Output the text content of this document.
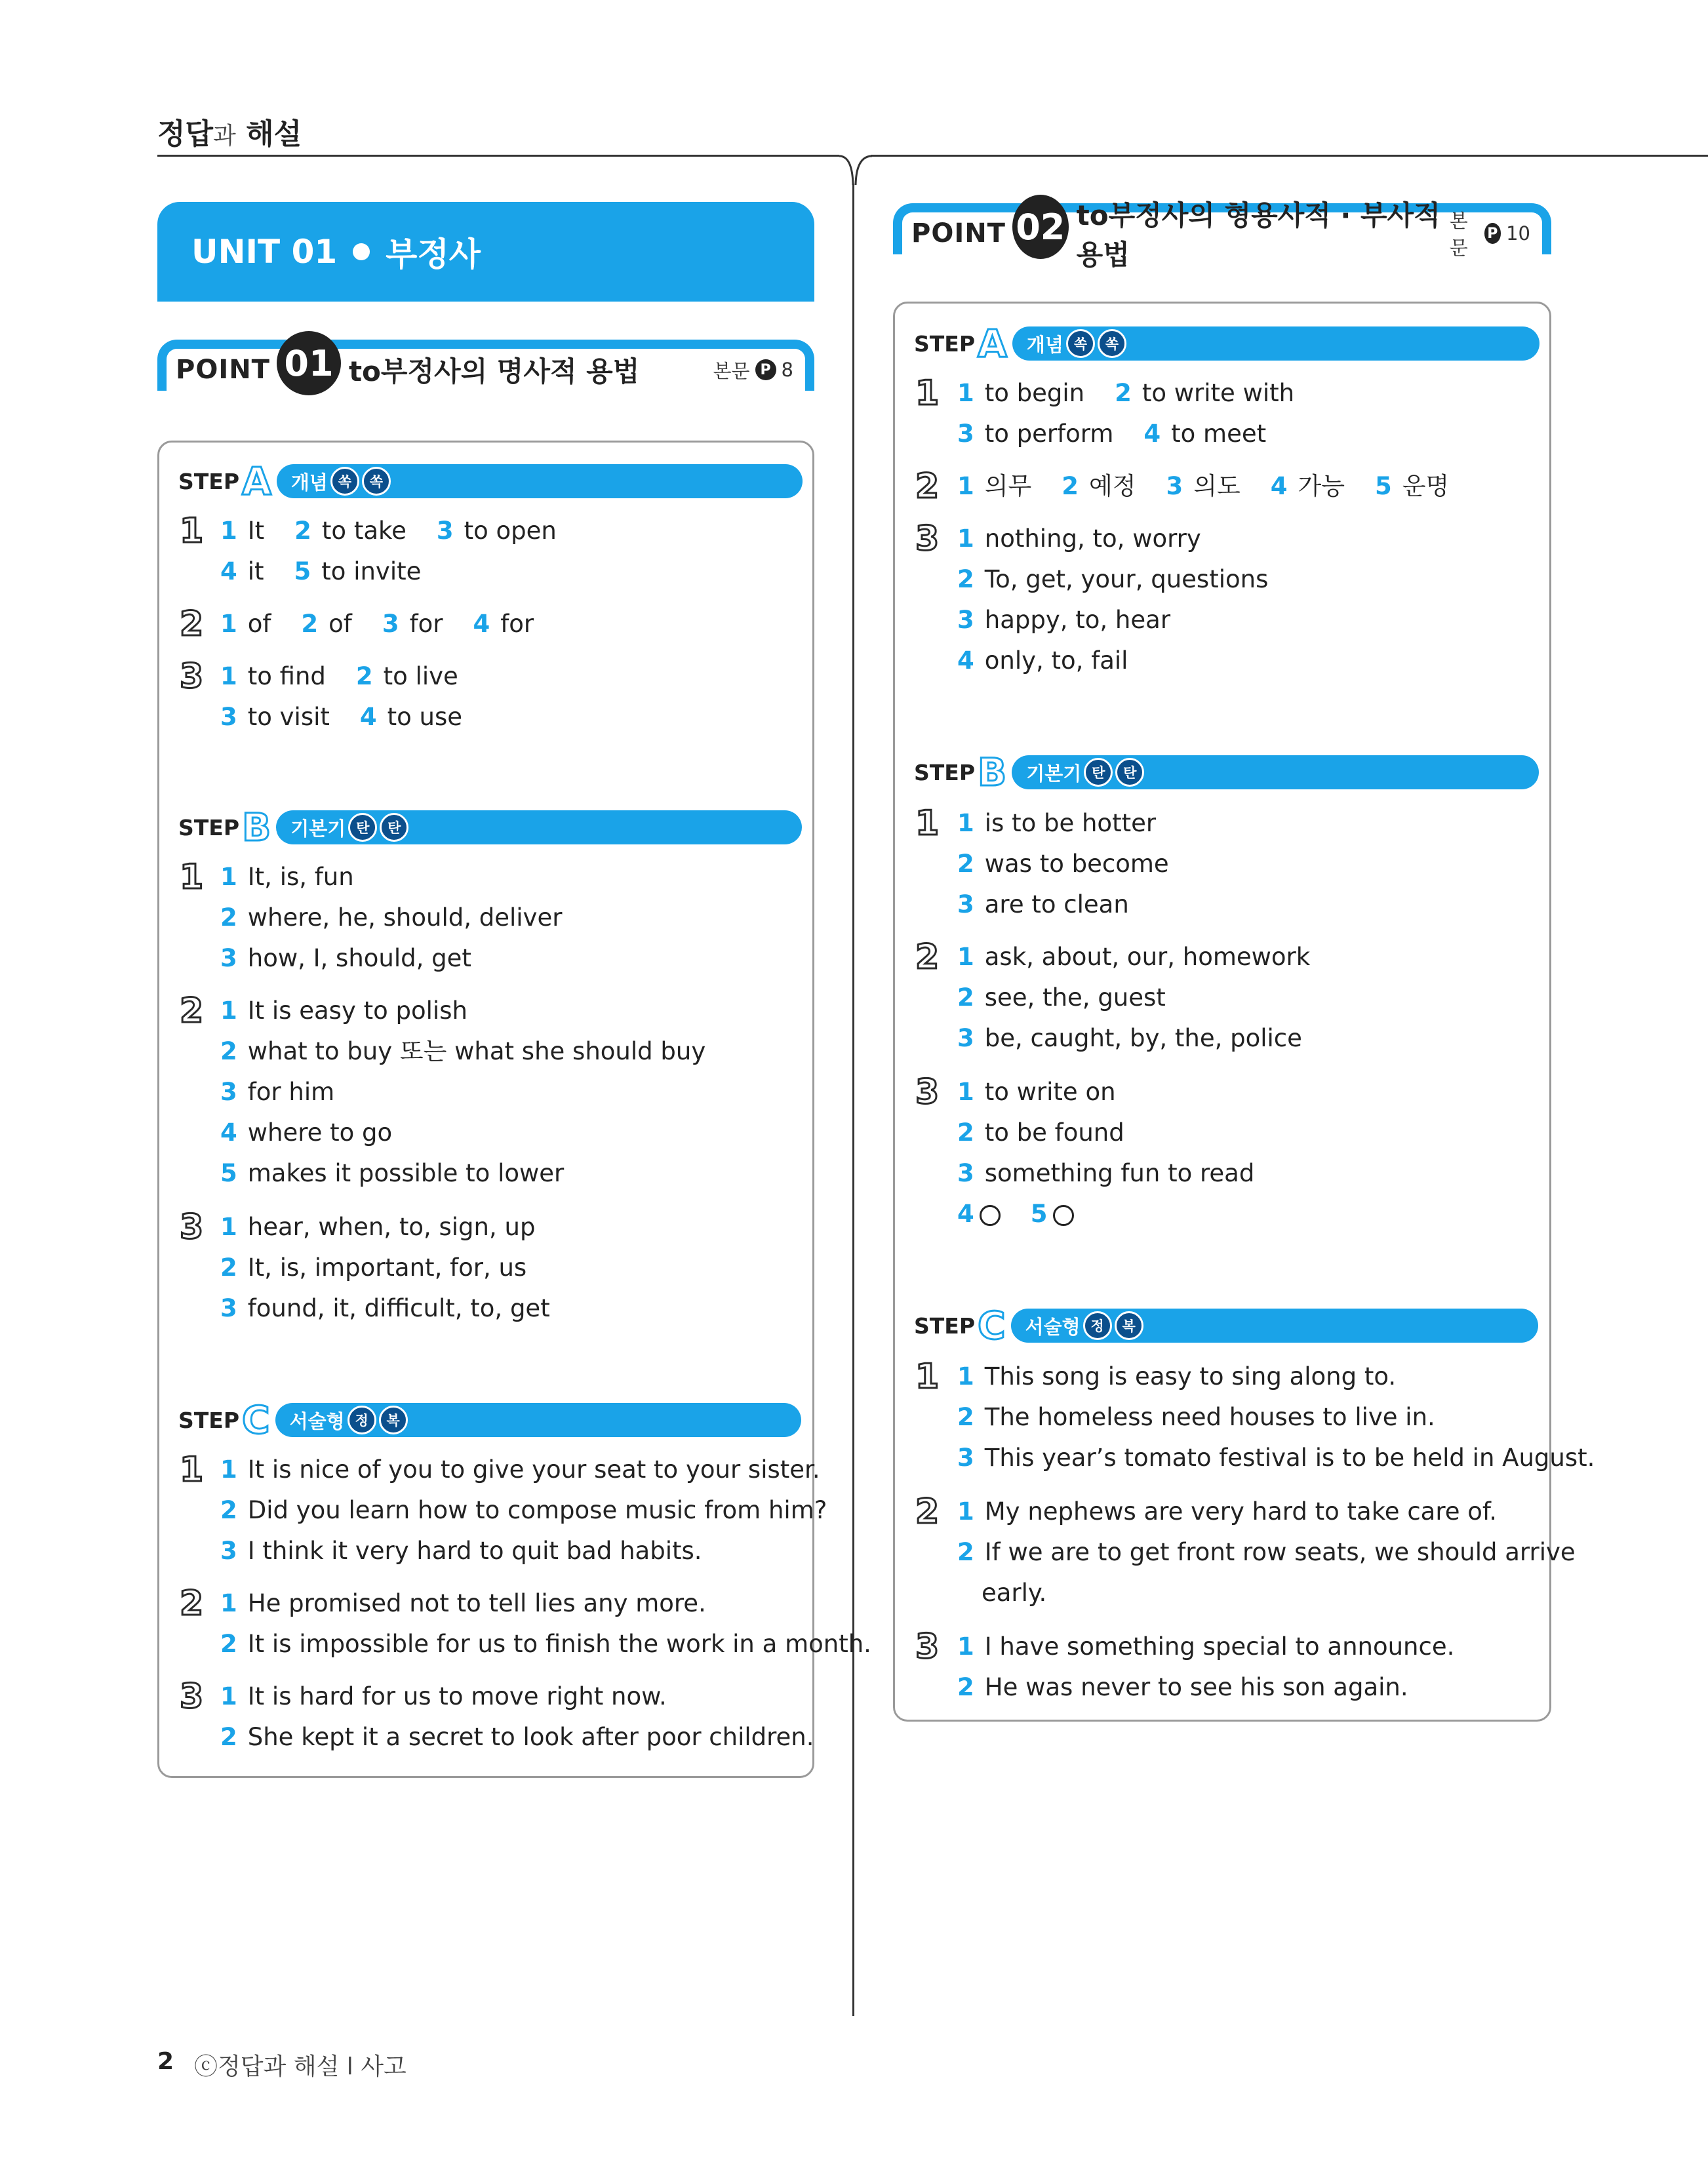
정답과 해설
UNIT 01 부정사
POINT 01 to부정사의 명사적 용법	본문 P 8
STEP A 개념 쏙	쏙
1 1 It 2 to take 3 to open
4 it 5 to invite
2 1 of 2 of 3 for 4 for
3 1 to find 2 to live
3 to visit 4 to use
STEP B 기본기 탄	탄
1 1 It, is, fun
2 where, he, should, deliver
3 how, I, should, get
2 1 It is easy to polish
2 what to buy 또는 what she should buy
3 for him
4 where to go
5 makes it possible to lower
3 1 hear, when, to, sign, up
2 It, is, important, for, us
3 found, it, difficult, to, get
STEP C 서술형 정	복
1 1 It is nice of you to give your seat to your sister.
2 Did you learn how to compose music from him?
3 I think it very hard to quit bad habits.
2 1 He promised not to tell lies any more.
2 It is impossible for us to finish the work in a month.
3 1 It is hard for us to move right now.
2 She kept it a secret to look after poor children.
POINT 02 to부정사의 형용사적 · 부사적 용법
본문
P 10
STEP A 개념 쏙	쏙
1 1 to begin 2 to write with
3 to perform 4 to meet
2 1 의무 2 예정 3 의도 4 가능 5 운명
3 1 nothing, to, worry
2 To, get, your, questions
3 happy, to, hear
4 only, to, fail
STEP B 기본기 탄	탄
1 1 is to be hotter
2 was to become
3 are to clean
2 1 ask, about, our, homework
2 see, the, guest
3 be, caught, by, the, police
3 1 to write on
2 to be found
3 something fun to read
4 ○ 5
STEP C 서술형 정	복
1 1 This song is easy to sing along to.
2 The homeless need houses to live in.
3 This year’s tomato festival is to be held in August.
2 1 My nephews are very hard to take care of.
2 If we are to get front row seats, we should arrive
early.
3 1 I have something special to announce.
2 He was never to see his son again.
2 ⓒ정답과 해설 l 사고
